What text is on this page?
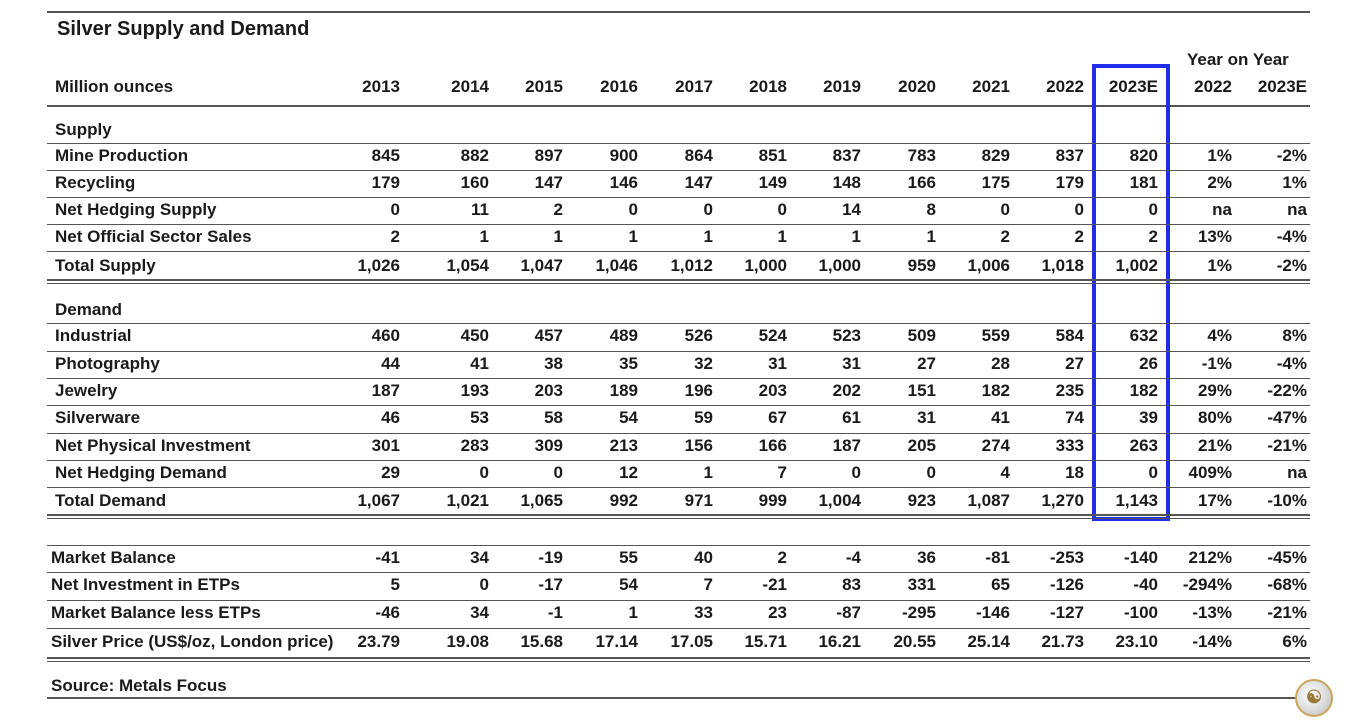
Silver Supply and Demand
Year on Year
Million ounces	2013	2014	2015	2016	2017	2018	2019	2020	2021	2022	2023E	2022	2023E
Supply
Mine Production	845	882	897	900	864	851	837	783	829	837	820	1%	-2%
Recycling	179	160	147	146	147	149	148	166	175	179	181	2%	1%
Net Hedging Supply	0	11	2	0	0	0	14	8	0	0	0	na	na
Net Official Sector Sales	2	1	1	1	1	1	1	1	2	2	2	13%	-4%
Total Supply	1,026	1,054	1,047	1,046	1,012	1,000	1,000	959	1,006	1,018	1,002	1%	-2%
Demand
Industrial	460	450	457	489	526	524	523	509	559	584	632	4%	8%
Photography	44	41	38	35	32	31	31	27	28	27	26	-1%	-4%
Jewelry	187	193	203	189	196	203	202	151	182	235	182	29%	-22%
Silverware	46	53	58	54	59	67	61	31	41	74	39	80%	-47%
Net Physical Investment	301	283	309	213	156	166	187	205	274	333	263	21%	-21%
Net Hedging Demand	29	0	0	12	1	7	0	0	4	18	0	409%	na
Total Demand	1,067	1,021	1,065	992	971	999	1,004	923	1,087	1,270	1,143	17%	-10%
Market Balance	-41	34	-19	55	40	2	-4	36	-81	-253	-140	212%	-45%
Net Investment in ETPs	5	0	-17	54	7	-21	83	331	65	-126	-40	-294%	-68%
Market Balance less ETPs	-46	34	-1	1	33	23	-87	-295	-146	-127	-100	-13%	-21%
Silver Price (US$/oz, London price)	23.79	19.08	15.68	17.14	17.05	15.71	16.21	20.55	25.14	21.73	23.10	-14%	6%
Source: Metals Focus
☯
